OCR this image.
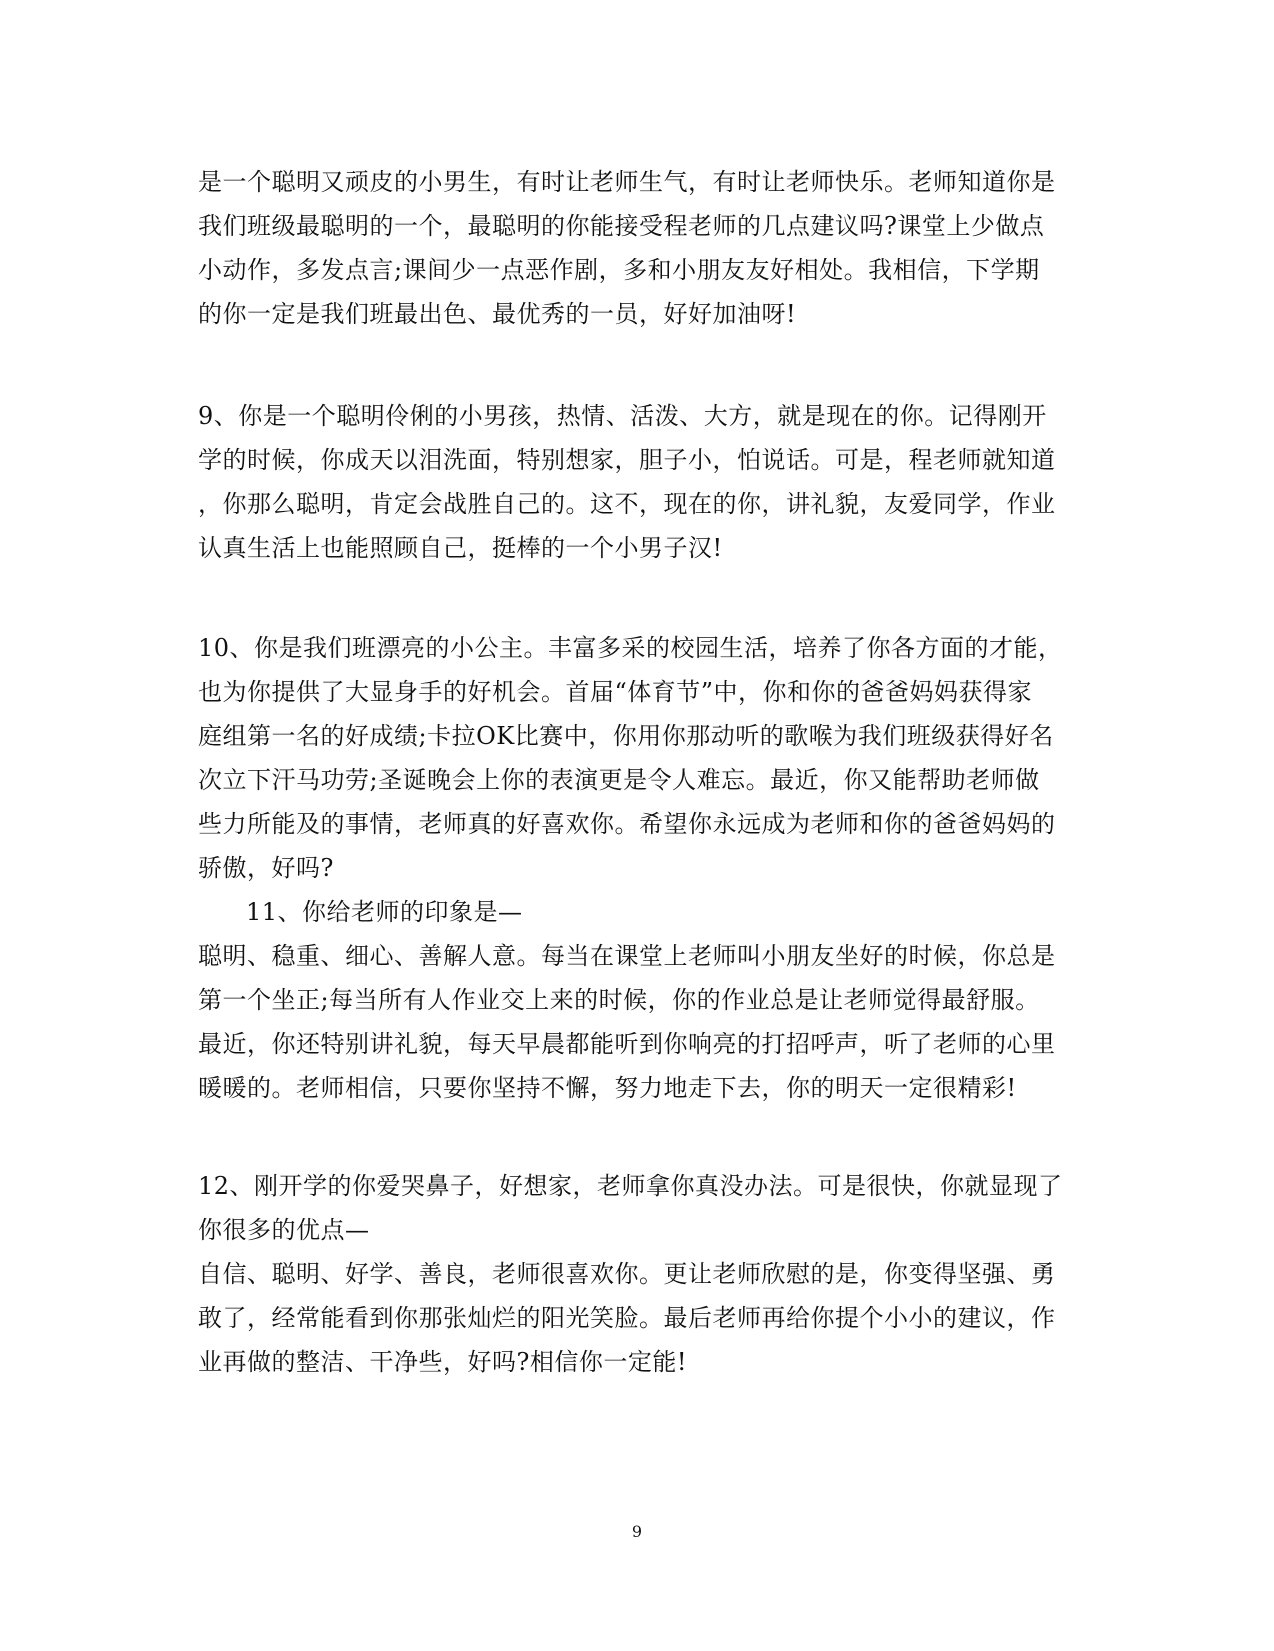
是一个聪明又顽皮的小男生，有时让老师生气，有时让老师快乐。老师知道你是
我们班级最聪明的一个，最聪明的你能接受程老师的几点建议吗?课堂上少做点
小动作，多发点言;课间少一点恶作剧，多和小朋友友好相处。我相信，下学期
的你一定是我们班最出色、最优秀的一员，好好加油呀!
9、你是一个聪明伶俐的小男孩，热情、活泼、大方，就是现在的你。记得刚开
学的时候，你成天以泪洗面，特别想家，胆子小，怕说话。可是，程老师就知道
，你那么聪明，肯定会战胜自己的。这不，现在的你，讲礼貌，友爱同学，作业
认真生活上也能照顾自己，挺棒的一个小男子汉!
10、你是我们班漂亮的小公主。丰富多采的校园生活，培养了你各方面的才能，
也为你提供了大显身手的好机会。首届“体育节”中，你和你的爸爸妈妈获得家
庭组第一名的好成绩;卡拉OK比赛中，你用你那动听的歌喉为我们班级获得好名
次立下汗马功劳;圣诞晚会上你的表演更是令人难忘。最近，你又能帮助老师做
些力所能及的事情，老师真的好喜欢你。希望你永远成为老师和你的爸爸妈妈的
骄傲，好吗?
11、你给老师的印象是—
聪明、稳重、细心、善解人意。每当在课堂上老师叫小朋友坐好的时候，你总是
第一个坐正;每当所有人作业交上来的时候，你的作业总是让老师觉得最舒服。
最近，你还特别讲礼貌，每天早晨都能听到你响亮的打招呼声，听了老师的心里
暖暖的。老师相信，只要你坚持不懈，努力地走下去，你的明天一定很精彩!
12、刚开学的你爱哭鼻子，好想家，老师拿你真没办法。可是很快，你就显现了
你很多的优点—
自信、聪明、好学、善良，老师很喜欢你。更让老师欣慰的是，你变得坚强、勇
敢了，经常能看到你那张灿烂的阳光笑脸。最后老师再给你提个小小的建议，作
业再做的整洁、干净些，好吗?相信你一定能!
9
